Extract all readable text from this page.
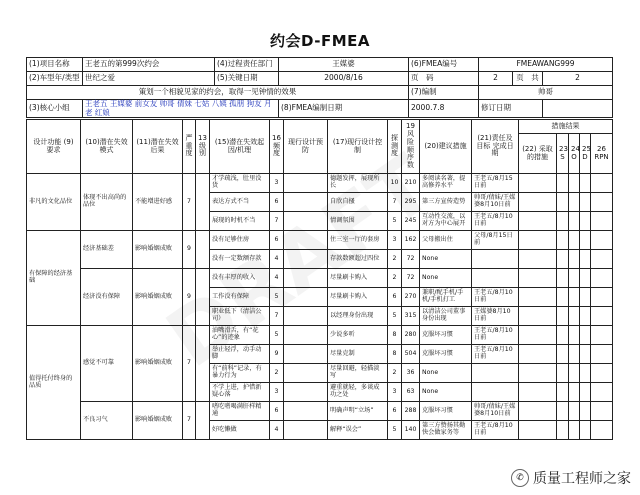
约会D-FMEA
(1)项目名称	王老五的第999次约会	(4)过程责任部门	王媒婆	(6)FMEA编号	FMEAWANG999		
(2)车型年/类型	世纪之爱	(5)关键日期	2000/8/16	页　码	2	页　共	2
策划一个相貌见家的约会，取得一见钟情的效果				(7)编制	帅哥		
(3)核心小组	王老五 王媒婆 前女友 帅哥 倩妹 七姑 八姨 孤朋 狗友 月老 红娘		(8)FMEA编制日期	2000.7.8	修订日期		
设计功能 (9) 要求	(10)潜在失效模式	(11)潜在失效后果	严重度	13级别	(15)潜在失效起因/机理	16频度	现行设计预　防	(17)现行设计控制	探测度	19风险顺序数	(20)建议措施	(21)责任及目标 完成日期	措施结果				
													(22) 采取的措施	23 S	24 O	25 D	26 RPN
非凡的文化品位	体现不出高尚的品位	不能增进好感	7		才学疏浅，肚里没货	3		德题发挥，展现所长	10	210	多阅读名著，提高修养水平	王老五/8月15日前					
					表达方式不当	6		自欣自搔	7	295	第三方宣传造势	帅哥/倩妹/王媒婆8月10日前					
					展现的时机不当	7		情调氛围	5	245	互动性交流，以对方为中心展开	王老五/8月10日前					
有保障的经济基础	经济基础差	影响婚姻成败	9		没有足够住房	6		住三室一厅的套房	3	162	父母搬出住	父母/8月15日前					
					没有一定数额存款	4		存款数额超过四位	2	72	None						
	经济没有保障	影响婚姻成败	9		没有丰厚的收入	4		尽量刷卡购入	2	72	None						
					工作没有保障	5		尽量刷卡购入	6	270	兼职/配手机/手机/手机打工	王老五/8月10日前					
					职业低下（清洁公司）	7		以经理身份出现	5	315	以清洁公司董事身份出现	王媒婆8月10日前					
值得托付终身的品质	感觉不可靠	影响婚姻成败	7		油嘴滑舌，有“花心”的迹象	5		少说多听	8	280	克服坏习惯	王老五/8月10日前					
					举止轻浮，动手动脚	9		尽量克制	8	504	克服坏习惯	王老五/8月10日前					
					有“前科”记录，有暴力行为	2		尽量回避，轻描淡写	2	36	None						
					不学上进，护惜新疑心落	3		避重就轻，多谈成功之处	3	63	None						
	不良习气	影响婚姻成败	7		嗜吃嗜喝满肝样精通	6		明确声明“立场”	6	288	克服坏习惯	帅哥/倩妹/王媒婆8月10日前					
					好吃懒做	4		解释“误会”	5	140	第三方赞扬其勤快会做家务等	王老五/8月10日前					
✆ 质量工程师之家
